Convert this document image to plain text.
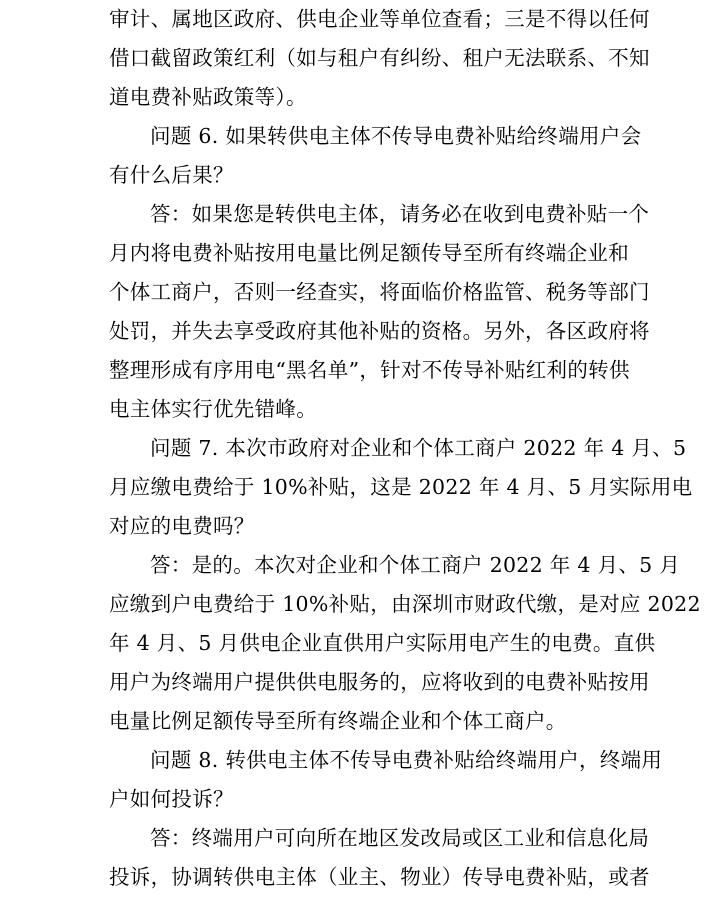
审计、属地区政府、供电企业等单位查看；三是不得以任何
借口截留政策红利（如与租户有纠纷、租户无法联系、不知
道电费补贴政策等）。
问题 6. 如果转供电主体不传导电费补贴给终端用户会
有什么后果？
答：如果您是转供电主体，请务必在收到电费补贴一个
月内将电费补贴按用电量比例足额传导至所有终端企业和
个体工商户，否则一经查实，将面临价格监管、税务等部门
处罚，并失去享受政府其他补贴的资格。另外，各区政府将
整理形成有序用电“黑名单”，针对不传导补贴红利的转供
电主体实行优先错峰。
问题 7. 本次市政府对企业和个体工商户 2022 年 4 月、5
月应缴电费给于 10%补贴，这是 2022 年 4 月、5 月实际用电
对应的电费吗？
答：是的。本次对企业和个体工商户 2022 年 4 月、5 月
应缴到户电费给于 10%补贴，由深圳市财政代缴，是对应 2022
年 4 月、5 月供电企业直供用户实际用电产生的电费。直供
用户为终端用户提供供电服务的，应将收到的电费补贴按用
电量比例足额传导至所有终端企业和个体工商户。
问题 8. 转供电主体不传导电费补贴给终端用户，终端用
户如何投诉？
答：终端用户可向所在地区发改局或区工业和信息化局
投诉，协调转供电主体（业主、物业）传导电费补贴，或者
